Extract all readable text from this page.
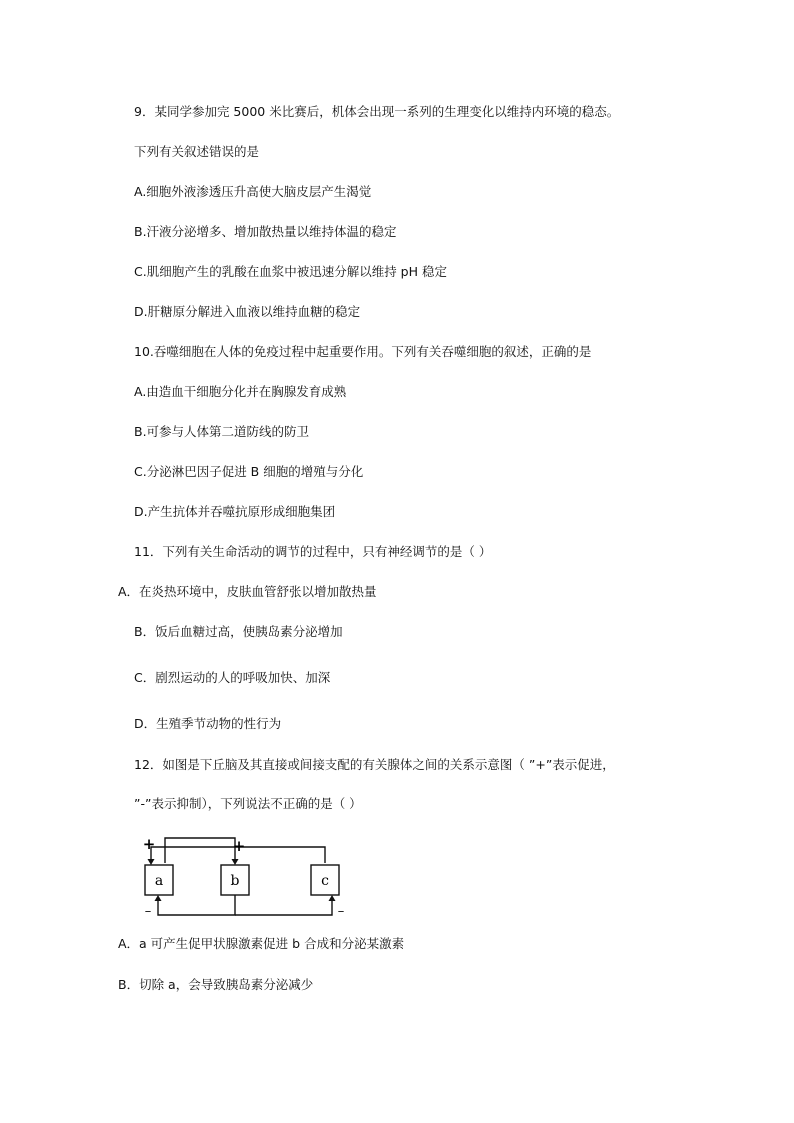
9．某同学参加完 5000 米比赛后，机体会出现一系列的生理变化以维持内环境的稳态。
下列有关叙述错误的是
A.细胞外液渗透压升高使大脑皮层产生渴觉
B.汗液分泌增多、增加散热量以维持体温的稳定
C.肌细胞产生的乳酸在血浆中被迅速分解以维持 pH 稳定
D.肝糖原分解进入血液以维持血糖的稳定
10.吞噬细胞在人体的免疫过程中起重要作用。下列有关吞噬细胞的叙述，正确的是
A.由造血干细胞分化并在胸腺发育成熟
B.可参与人体第二道防线的防卫
C.分泌淋巴因子促进 B 细胞的增殖与分化
D.产生抗体并吞噬抗原形成细胞集团
11．下列有关生命活动的调节的过程中，只有神经调节的是（ ）
A．在炎热环境中，皮肤血管舒张以增加散热量
B．饭后血糖过高，使胰岛素分泌增加
C．剧烈运动的人的呼吸加快、加深
D．生殖季节动物的性行为
12．如图是下丘脑及其直接或间接支配的有关腺体之间的关系示意图（ ”+”表示促进，
”-”表示抑制），下列说法不正确的是（ ）
a	b	c
+	+
–	–
A．a 可产生促甲状腺激素促进 b 合成和分泌某激素
B．切除 a，会导致胰岛素分泌减少
